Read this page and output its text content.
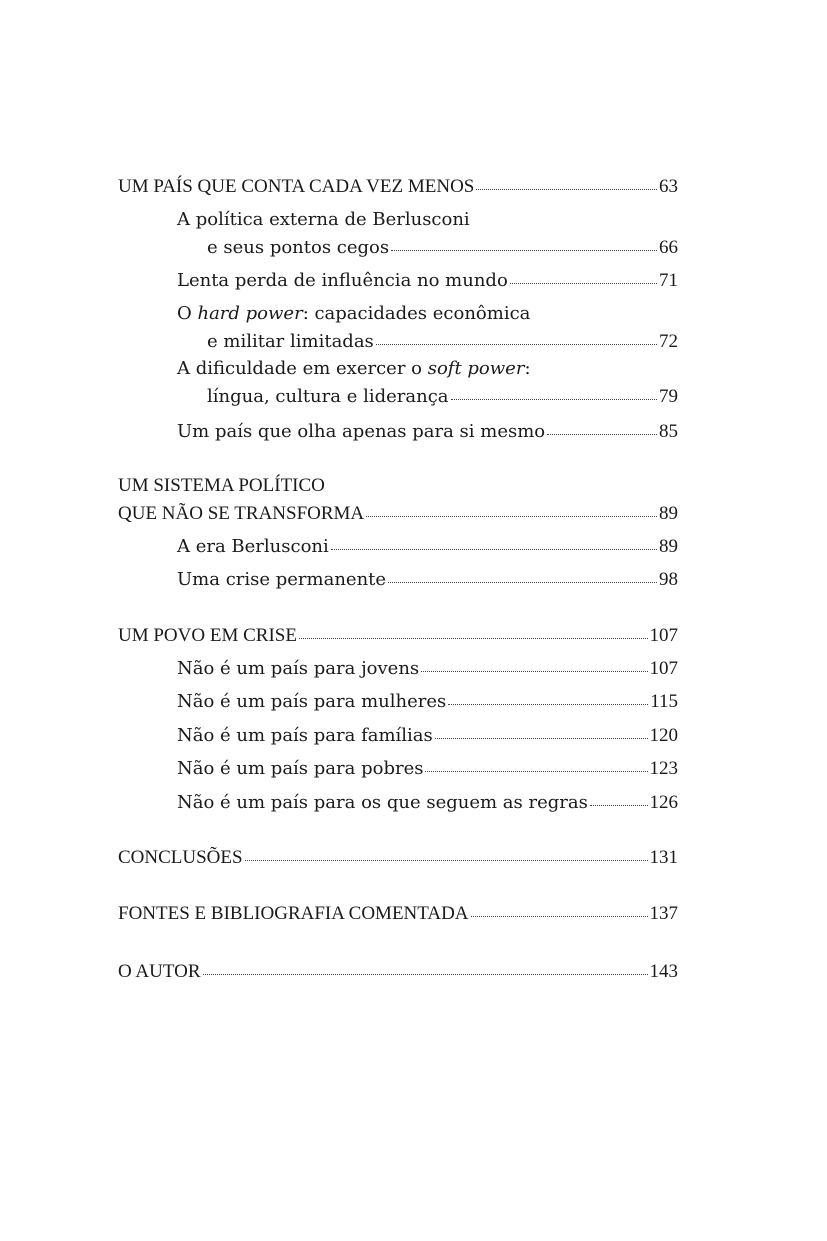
UM PAÍS QUE CONTA CADA VEZ MENOS	63
A política externa de Berlusconi
e seus pontos cegos	66
Lenta perda de influência no mundo	71
O hard power: capacidades econômica
e militar limitadas	72
A dificuldade em exercer o soft power:
língua, cultura e liderança	79
Um país que olha apenas para si mesmo	85
UM SISTEMA POLÍTICO
QUE NÃO SE TRANSFORMA	89
A era Berlusconi	89
Uma crise permanente	98
UM POVO EM CRISE	107
Não é um país para jovens	107
Não é um país para mulheres	115
Não é um país para famílias	120
Não é um país para pobres	123
Não é um país para os que seguem as regras	126
CONCLUSÕES	131
FONTES E BIBLIOGRAFIA COMENTADA	137
O AUTOR	143
